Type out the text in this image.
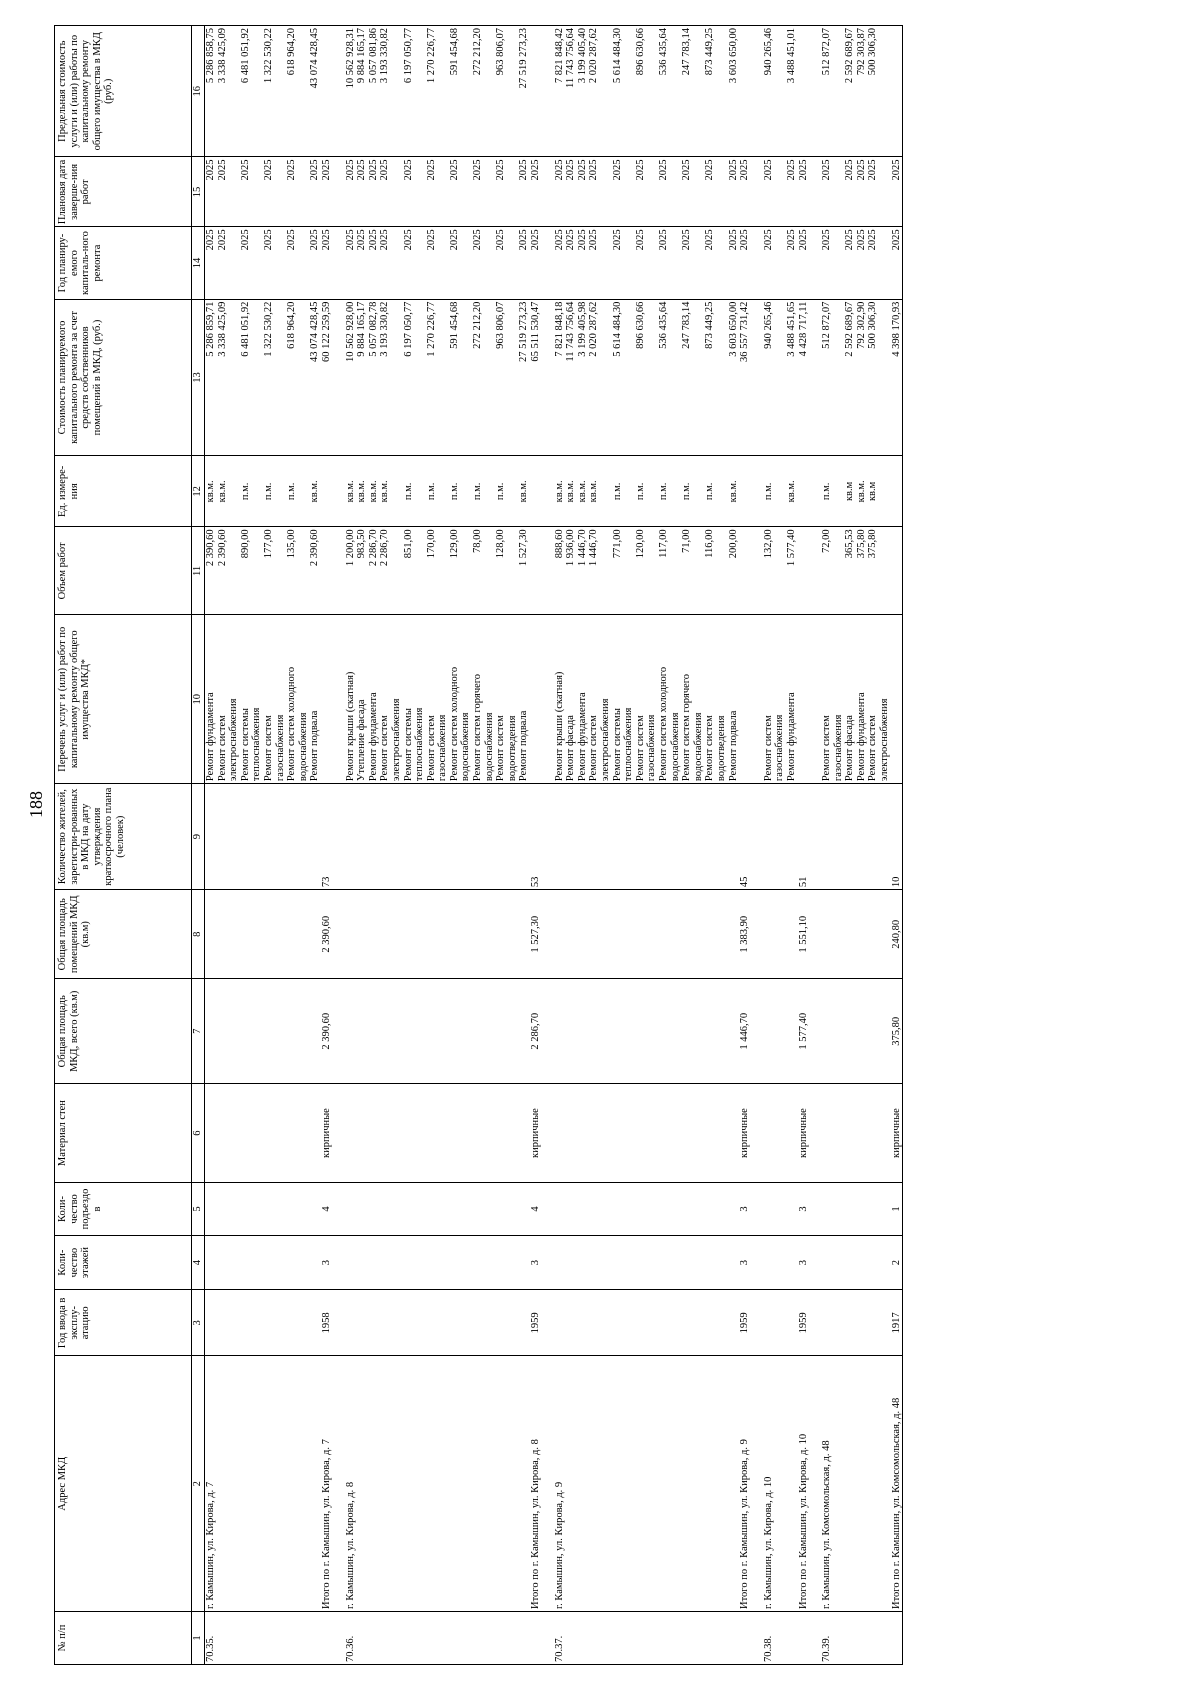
188
№ п/п	Адрес МКД	Год ввода в эксплу-атацию	Коли-чество этажей	Коли-чество подъездо в	Материал стен	Общая площадь МКД, всего (кв.м)	Общая площадь помещений МКД (кв.м)	Количество жителей, зарегистри-рованных в МКД на дату утверждения краткосрочного плана (человек)	Перечень услуг и (или) работ по капитальному ремонту общего имущества МКД*	Объем работ	Ед. измере-ния	Стоимость планируемого капитального ремонта за счет средств собственников помещений в МКД, (руб.)	Год планиру-емого капиталь-ного ремонта	Плановая дата заверше-ния работ	Предельная стоимость услуги и (или) работы по капитальному ремонту общего имущества в МКД (руб.)
1	2	3	4	5	6	7	8	9	10	11	12	13	14	15	16
70.35.	г. Камышин, ул. Кирова, д. 7								Ремонт фундамента	2 390,60	кв.м.	5 286 859,71	2025	2025	5 286 858,75
									Ремонт систем	2 390,60	кв.м.	3 338 425,09	2025	2025	3 338 425,09
									электроснабжения						
									Ремонт системы	890,00	п.м.	6 481 051,92	2025	2025	6 481 051,92
									теплоснабжения						
									Ремонт систем	177,00	п.м.	1 322 530,22	2025	2025	1 322 530,22
									газоснабжения						
									Ремонт систем холодного	135,00	п.м.	618 964,20	2025	2025	618 964,20
									водоснабжения						
									Ремонт подвала	2 390,60	кв.м.	43 074 428,45	2025	2025	43 074 428,45
	Итого по г. Камышин, ул. Кирова, д. 7	1958	3	4	кирпичные	2 390,60	2 390,60	73				60 122 259,59	2025	2025	

70.36.	г. Камышин, ул. Кирова, д. 8								Ремонт крыши (скатная)	1 200,00	кв.м.	10 562 928,00	2025	2025	10 562 928,31
									Утепление фасада	983,50	кв.м.	9 884 165,17	2025	2025	9 884 165,17
									Ремонт фундамента	2 286,70	кв.м.	5 057 082,78	2025	2025	5 057 081,86
									Ремонт систем	2 286,70	кв.м.	3 193 330,82	2025	2025	3 193 330,82
									электроснабжения						
									Ремонт системы	851,00	п.м.	6 197 050,77	2025	2025	6 197 050,77
									теплоснабжения						
									Ремонт систем	170,00	п.м.	1 270 226,77	2025	2025	1 270 226,77
									газоснабжения						
									Ремонт систем холодного	129,00	п.м.	591 454,68	2025	2025	591 454,68
									водоснабжения						
									Ремонт систем горячего	78,00	п.м.	272 212,20	2025	2025	272 212,20
									водоснабжения						
									Ремонт систем	128,00	п.м.	963 806,07	2025	2025	963 806,07
									водоотведения						
									Ремонт подвала	1 527,30	кв.м.	27 519 273,23	2025	2025	27 519 273,23
	Итого по г. Камышин, ул. Кирова, д. 8	1959	3	4	кирпичные	2 286,70	1 527,30	53				65 511 530,47	2025	2025	

70.37.	г. Камышин, ул. Кирова, д. 9								Ремонт крыши (скатная)	888,60	кв.м.	7 821 848,18	2025	2025	7 821 848,42
									Ремонт фасада	1 936,00	кв.м.	11 743 756,64	2025	2025	11 743 756,64
									Ремонт фундамента	1 446,70	кв.м.	3 199 405,98	2025	2025	3 199 405,40
									Ремонт систем	1 446,70	кв.м.	2 020 287,62	2025	2025	2 020 287,62
									электроснабжения						
									Ремонт системы	771,00	п.м.	5 614 484,30	2025	2025	5 614 484,30
									теплоснабжения						
									Ремонт систем	120,00	п.м.	896 630,66	2025	2025	896 630,66
									газоснабжения						
									Ремонт систем холодного	117,00	п.м.	536 435,64	2025	2025	536 435,64
									водоснабжения						
									Ремонт систем горячего	71,00	п.м.	247 783,14	2025	2025	247 783,14
									водоснабжения						
									Ремонт систем	116,00	п.м.	873 449,25	2025	2025	873 449,25
									водоотведения						
									Ремонт подвала	200,00	кв.м.	3 603 650,00	2025	2025	3 603 650,00
	Итого по г. Камышин, ул. Кирова, д. 9	1959	3	3	кирпичные	1 446,70	1 383,90	45				36 557 731,42	2025	2025	

70.38.	г. Камышин, ул. Кирова, д. 10								Ремонт систем	132,00	п.м.	940 265,46	2025	2025	940 265,46
									газоснабжения						
									Ремонт фундамента	1 577,40	кв.м.	3 488 451,65	2025	2025	3 488 451,01
	Итого по г. Камышин, ул. Кирова, д. 10	1959	3	3	кирпичные	1 577,40	1 551,10	51				4 428 717,11	2025	2025	

70.39.	г. Камышин, ул. Комсомольская, д. 48								Ремонт систем	72,00	п.м.	512 872,07	2025	2025	512 872,07
									газоснабжения						
									Ремонт фасада	365,53	кв.м	2 592 689,67	2025	2025	2 592 689,67
									Ремонт фундамента	375,80	кв.м.	792 302,90	2025	2025	792 303,87
									Ремонт систем	375,80	кв.м	500 306,30	2025	2025	500 306,30
									электроснабжения						
	Итого по г. Камышин, ул. Комсомольская, д. 48	1917	2	1	кирпичные	375,80	240,80	10				4 398 170,93	2025	2025	
